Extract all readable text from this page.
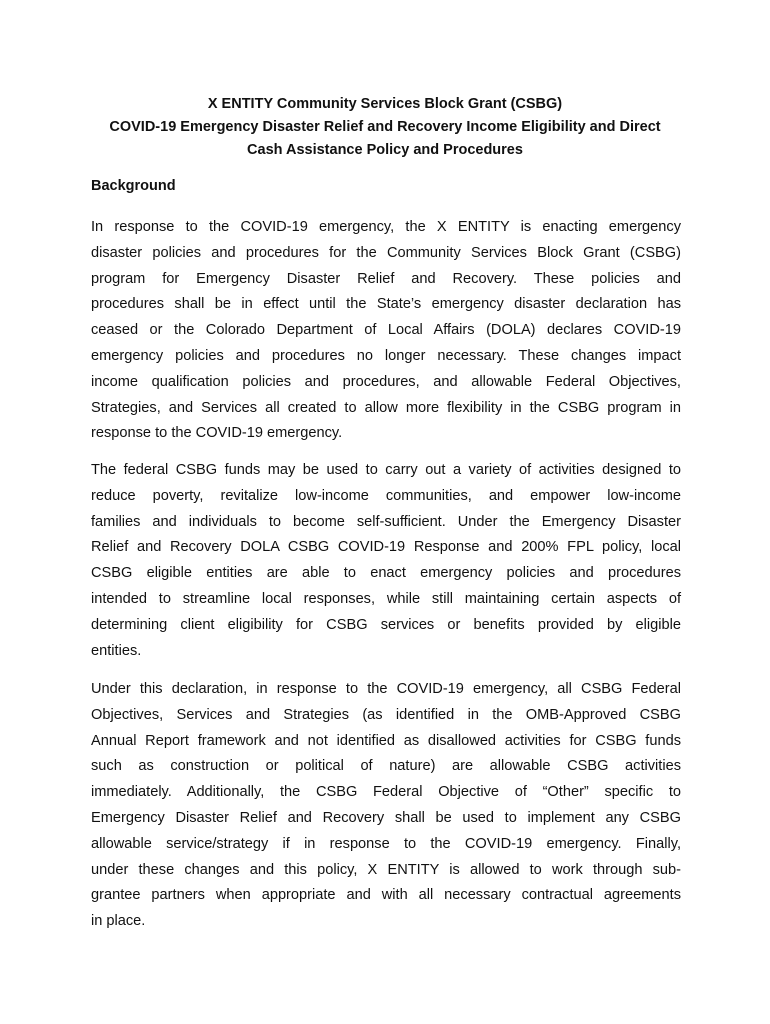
X ENTITY Community Services Block Grant (CSBG)
COVID-19 Emergency Disaster Relief and Recovery Income Eligibility and Direct
Cash Assistance Policy and Procedures
Background
In response to the COVID-19 emergency, the X ENTITY is enacting emergency
disaster policies and procedures for the Community Services Block Grant (CSBG)
program for Emergency Disaster Relief and Recovery. These policies and
procedures shall be in effect until the State’s emergency disaster declaration has
ceased or the Colorado Department of Local Affairs (DOLA) declares COVID-19
emergency policies and procedures no longer necessary. These changes impact
income qualification policies and procedures, and allowable Federal Objectives,
Strategies, and Services all created to allow more flexibility in the CSBG program in
response to the COVID-19 emergency.
The federal CSBG funds may be used to carry out a variety of activities designed to
reduce poverty, revitalize low-income communities, and empower low-income
families and individuals to become self-sufficient. Under the Emergency Disaster
Relief and Recovery DOLA CSBG COVID-19 Response and 200% FPL policy, local
CSBG eligible entities are able to enact emergency policies and procedures
intended to streamline local responses, while still maintaining certain aspects of
determining client eligibility for CSBG services or benefits provided by eligible
entities.
Under this declaration, in response to the COVID-19 emergency, all CSBG Federal
Objectives, Services and Strategies (as identified in the OMB-Approved CSBG
Annual Report framework and not identified as disallowed activities for CSBG funds
such as construction or political of nature) are allowable CSBG activities
immediately. Additionally, the CSBG Federal Objective of “Other” specific to
Emergency Disaster Relief and Recovery shall be used to implement any CSBG
allowable service/strategy if in response to the COVID-19 emergency. Finally,
under these changes and this policy, X ENTITY is allowed to work through sub-
grantee partners when appropriate and with all necessary contractual agreements
in place.
